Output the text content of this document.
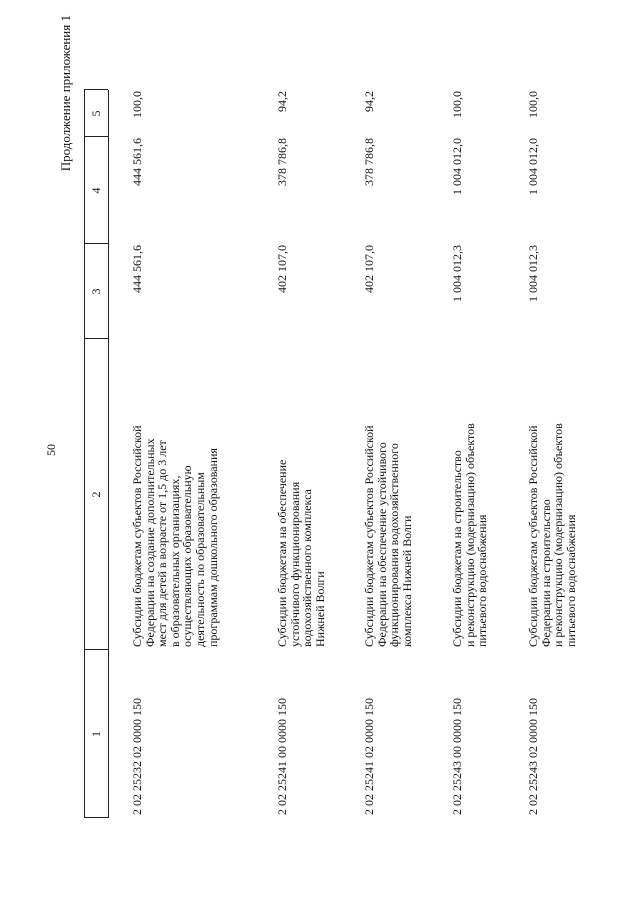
50
Продолжение приложения 1
1
2
3
4
5
2 02 25232 02 0000 150
Субсидии бюджетам субъектов Российской
Федерации на создание дополнительных
мест для детей в возрасте от 1,5 до 3 лет
в образовательных организациях,
осуществляющих образовательную
деятельность по образовательным
программам дошкольного образования
444 561,6
444 561,6
100,0
2 02 25241 00 0000 150
Субсидии бюджетам на обеспечение
устойчивого функционирования
водохозяйственного комплекса
Нижней Волги
402 107,0
378 786,8
94,2
2 02 25241 02 0000 150
Субсидии бюджетам субъектов Российской
Федерации на обеспечение устойчивого
функционирования водохозяйственного
комплекса Нижней Волги
402 107,0
378 786,8
94,2
2 02 25243 00 0000 150
Субсидии бюджетам на строительство
и реконструкцию (модернизацию) объектов
питьевого водоснабжения
1 004 012,3
1 004 012,0
100,0
2 02 25243 02 0000 150
Субсидии бюджетам субъектов Российской
Федерации на строительство
и реконструкцию (модернизацию) объектов
питьевого водоснабжения
1 004 012,3
1 004 012,0
100,0
